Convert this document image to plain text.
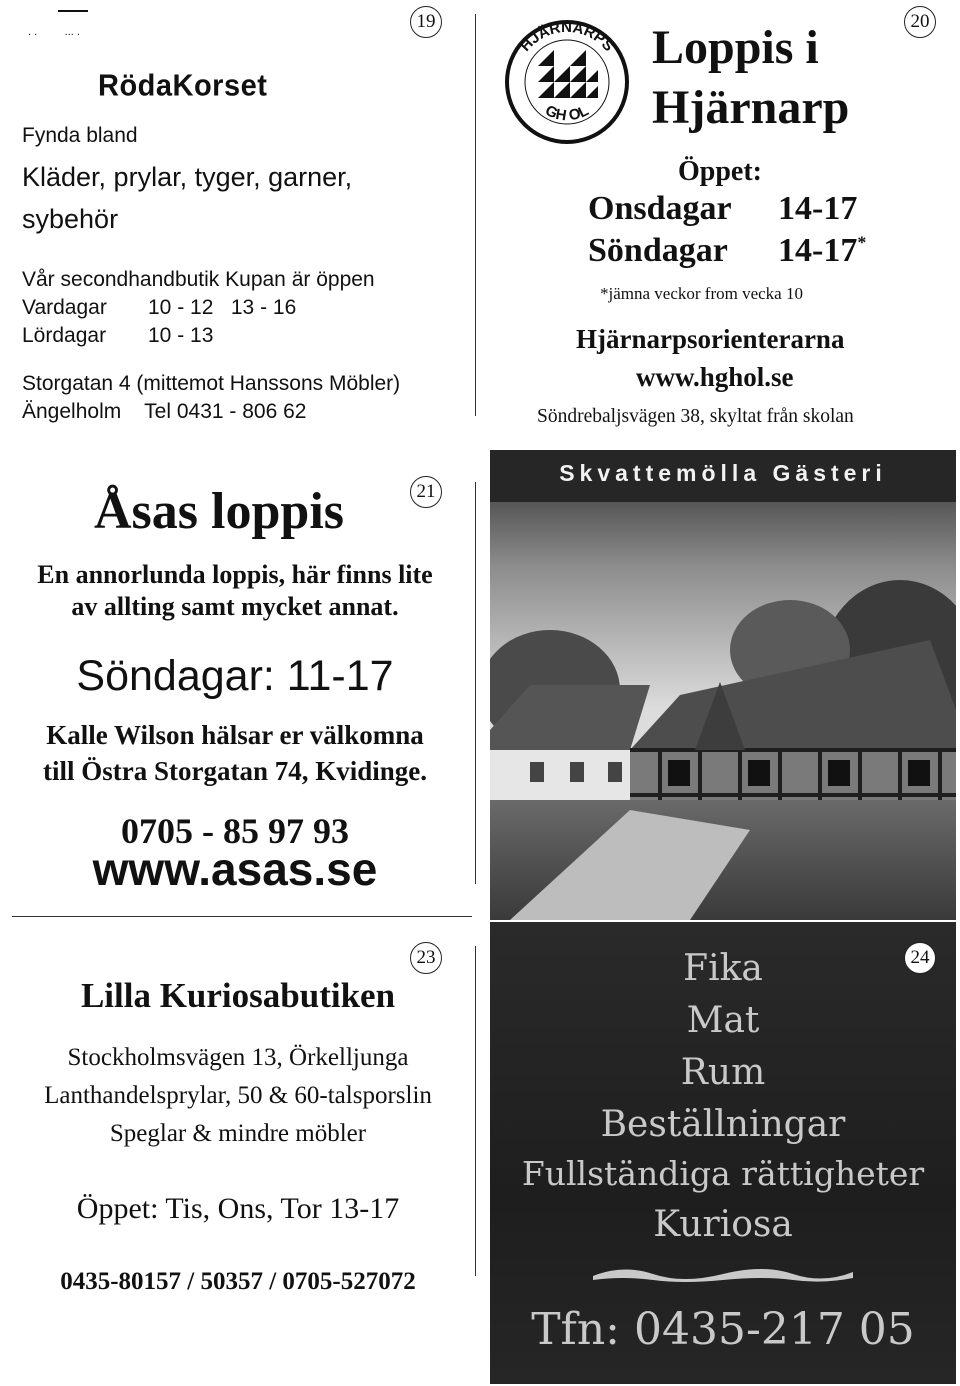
. .         ... .	19
RödaKorset
Fynda bland
Kläder, prylar, tyger, garner,
sybehör
Vår secondhandbutik Kupan är öppen
Vardagar 10 - 12   13 - 16
Lördagar 10 - 13
Storgatan 4 (mittemot Hanssons Möbler)
Ängelholm    Tel 0431 - 806 62
20
HJÄRNARPS
GH OL
Loppis i
Hjärnarp
Öppet:
Onsdagar 14-17
Söndagar 14-17*
*jämna veckor from vecka 10
Hjärnarpsorienterarna
www.hghol.se
Söndrebaljsvägen 38, skyltat från skolan
21
Åsas loppis
En annorlunda loppis, här finns lite
av allting samt mycket annat.
Söndagar: 11-17
Kalle Wilson hälsar er välkomna
till Östra Storgatan 74, Kvidinge.
0705 - 85 97 93
www.asas.se
Skvattemölla Gästeri
23
Lilla Kuriosabutiken
Stockholmsvägen 13, Örkelljunga
Lanthandelsprylar, 50 & 60-talsporslin
Speglar & mindre möbler
Öppet: Tis, Ons, Tor 13-17
0435-80157 / 50357 / 0705-527072
Fika
Mat
Rum
Beställningar
Fullständiga rättigheter
Kuriosa
Tfn: 0435-217 05
24
